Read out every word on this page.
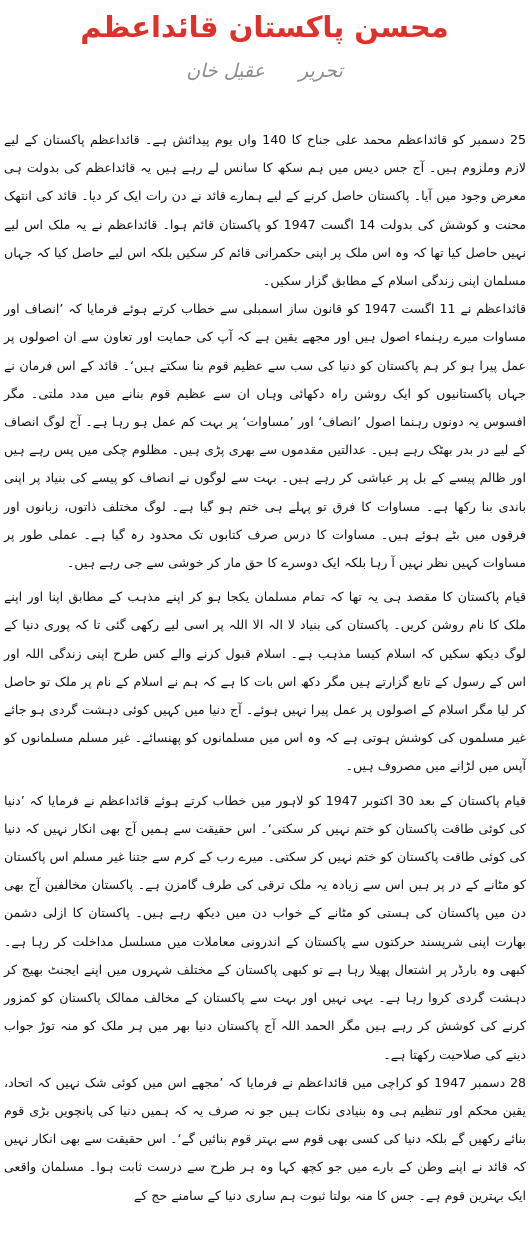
محسن پاکستان قائداعظم
تحریر عقیل خان

25 دسمبر کو قائداعظم محمد علی جناح کا 140 واں یوم پیدائش ہے۔ قائداعظم پاکستان کے لیے لازم وملزوم ہیں۔ آج جس دیس میں ہم سکھ کا سانس لے رہے ہیں یہ قائداعظم کی بدولت ہی معرض وجود میں آیا۔ پاکستان حاصل کرنے کے لیے ہمارے قائد نے دن رات ایک کر دیا۔ قائد کی انتھک محنت و کوشش کی بدولت 14 اگست 1947 کو پاکستان قائم ہوا۔ قائداعظم نے یہ ملک اس لیے نہیں حاصل کیا تھا کہ وہ اس ملک پر اپنی حکمرانی قائم کر سکیں بلکہ اس لیے حاصل کیا کہ جہاں مسلمان اپنی زندگی اسلام کے مطابق گزار سکیں۔

قائداعظم نے 11 اگست 1947 کو قانون ساز اسمبلی سے خطاب کرتے ہوئے فرمایا کہ ’انصاف اور مساوات میرے رہنماء اصول ہیں اور مجھے یقین ہے کہ آپ کی حمایت اور تعاون سے ان اصولوں پر عمل پیرا ہو کر ہم پاکستان کو دنیا کی سب سے عظیم قوم بنا سکتے ہیں‘۔ قائد کے اس فرمان نے جہاں پاکستانیوں کو ایک روشن راہ دکھائی وہاں ان سے عظیم قوم بنانے میں مدد ملتی۔ مگر افسوس یہ دونوں رہنما اصول ’انصاف‘ اور ’مساوات‘ پر بہت کم عمل ہو رہا ہے۔ آج لوگ انصاف کے لیے در بدر بھٹک رہے ہیں۔ عدالتیں مقدموں سے بھری پڑی ہیں۔ مظلوم چکی میں پس رہے ہیں اور ظالم پیسے کے بل پر عیاشی کر رہے ہیں۔ بہت سے لوگوں نے انصاف کو پیسے کی بنیاد پر اپنی باندی بنا رکھا ہے۔ مساوات کا فرق تو پہلے ہی ختم ہو گیا ہے۔ لوگ مختلف ذاتوں، زبانوں اور فرقوں میں بٹے ہوئے ہیں۔ مساوات کا درس صرف کتابوں تک محدود رہ گیا ہے۔ عملی طور پر مساوات کہیں نظر نہیں آ رہا بلکہ ایک دوسرے کا حق مار کر خوشی سے جی رہے ہیں۔

قیام پاکستان کا مقصد ہی یہ تھا کہ تمام مسلمان یکجا ہو کر اپنے مذہب کے مطابق اپنا اور اپنے ملک کا نام روشن کریں۔ پاکستان کی بنیاد لا الہ الا اللہ پر اسی لیے رکھی گئی تا کہ پوری دنیا کے لوگ دیکھ سکیں کہ اسلام کیسا مذہب ہے۔ اسلام قبول کرنے والے کس طرح اپنی زندگی اللہ اور اس کے رسول کے تابع گزارتے ہیں مگر دکھ اس بات کا ہے کہ ہم نے اسلام کے نام پر ملک تو حاصل کر لیا مگر اسلام کے اصولوں پر عمل پیرا نہیں ہوئے۔ آج دنیا میں کہیں کوئی دہشت گردی ہو جائے غیر مسلموں کی کوشش ہوتی ہے کہ وہ اس میں مسلمانوں کو پھنسائے۔ غیر مسلم مسلمانوں کو آپس میں لڑانے میں مصروف ہیں۔

قیام پاکستان کے بعد 30 اکتوبر 1947 کو لاہور میں خطاب کرتے ہوئے قائداعظم نے فرمایا کہ ’دنیا کی کوئی طاقت پاکستان کو ختم نہیں کر سکتی‘۔ اس حقیقت سے ہمیں آج بھی انکار نہیں کہ دنیا کی کوئی طاقت پاکستان کو ختم نہیں کر سکتی۔ میرے رب کے کرم سے جتنا غیر مسلم اس پاکستان کو مٹانے کے در پر ہیں اس سے زیادہ یہ ملک ترقی کی طرف گامزن ہے۔ پاکستان مخالفین آج بھی دن میں پاکستان کی ہستی کو مٹانے کے خواب دن میں دیکھ رہے ہیں۔ پاکستان کا ازلی دشمن بھارت اپنی شرپسند حرکتوں سے پاکستان کے اندرونی معاملات میں مسلسل مداخلت کر رہا ہے۔ کبھی وہ بارڈر پر اشتعال پھیلا رہا ہے تو کبھی پاکستان کے مختلف شہروں میں اپنے ایجنٹ بھیج کر دہشت گردی کروا رہا ہے۔ یہی نہیں اور بہت سے پاکستان کے مخالف ممالک پاکستان کو کمزور کرنے کی کوشش کر رہے ہیں مگر الحمد اللہ آج پاکستان دنیا بھر میں ہر ملک کو منہ توڑ جواب دینے کی صلاحیت رکھتا ہے۔

28 دسمبر 1947 کو کراچی میں قائداعظم نے فرمایا کہ ’مجھے اس میں کوئی شک نہیں کہ اتحاد، یقین محکم اور تنظیم ہی وہ بنیادی نکات ہیں جو نہ صرف یہ کہ ہمیں دنیا کی پانچویں بڑی قوم بنائے رکھیں گے بلکہ دنیا کی کسی بھی قوم سے بہتر قوم بنائیں گے‘۔ اس حقیقت سے بھی انکار نہیں کہ قائد نے اپنے وطن کے بارے میں جو کچھ کہا وہ ہر طرح سے درست ثابت ہوا۔ مسلمان واقعی ایک بہترین قوم ہے۔ جس کا منہ بولتا ثبوت ہم ساری دنیا کے سامنے حج کے
